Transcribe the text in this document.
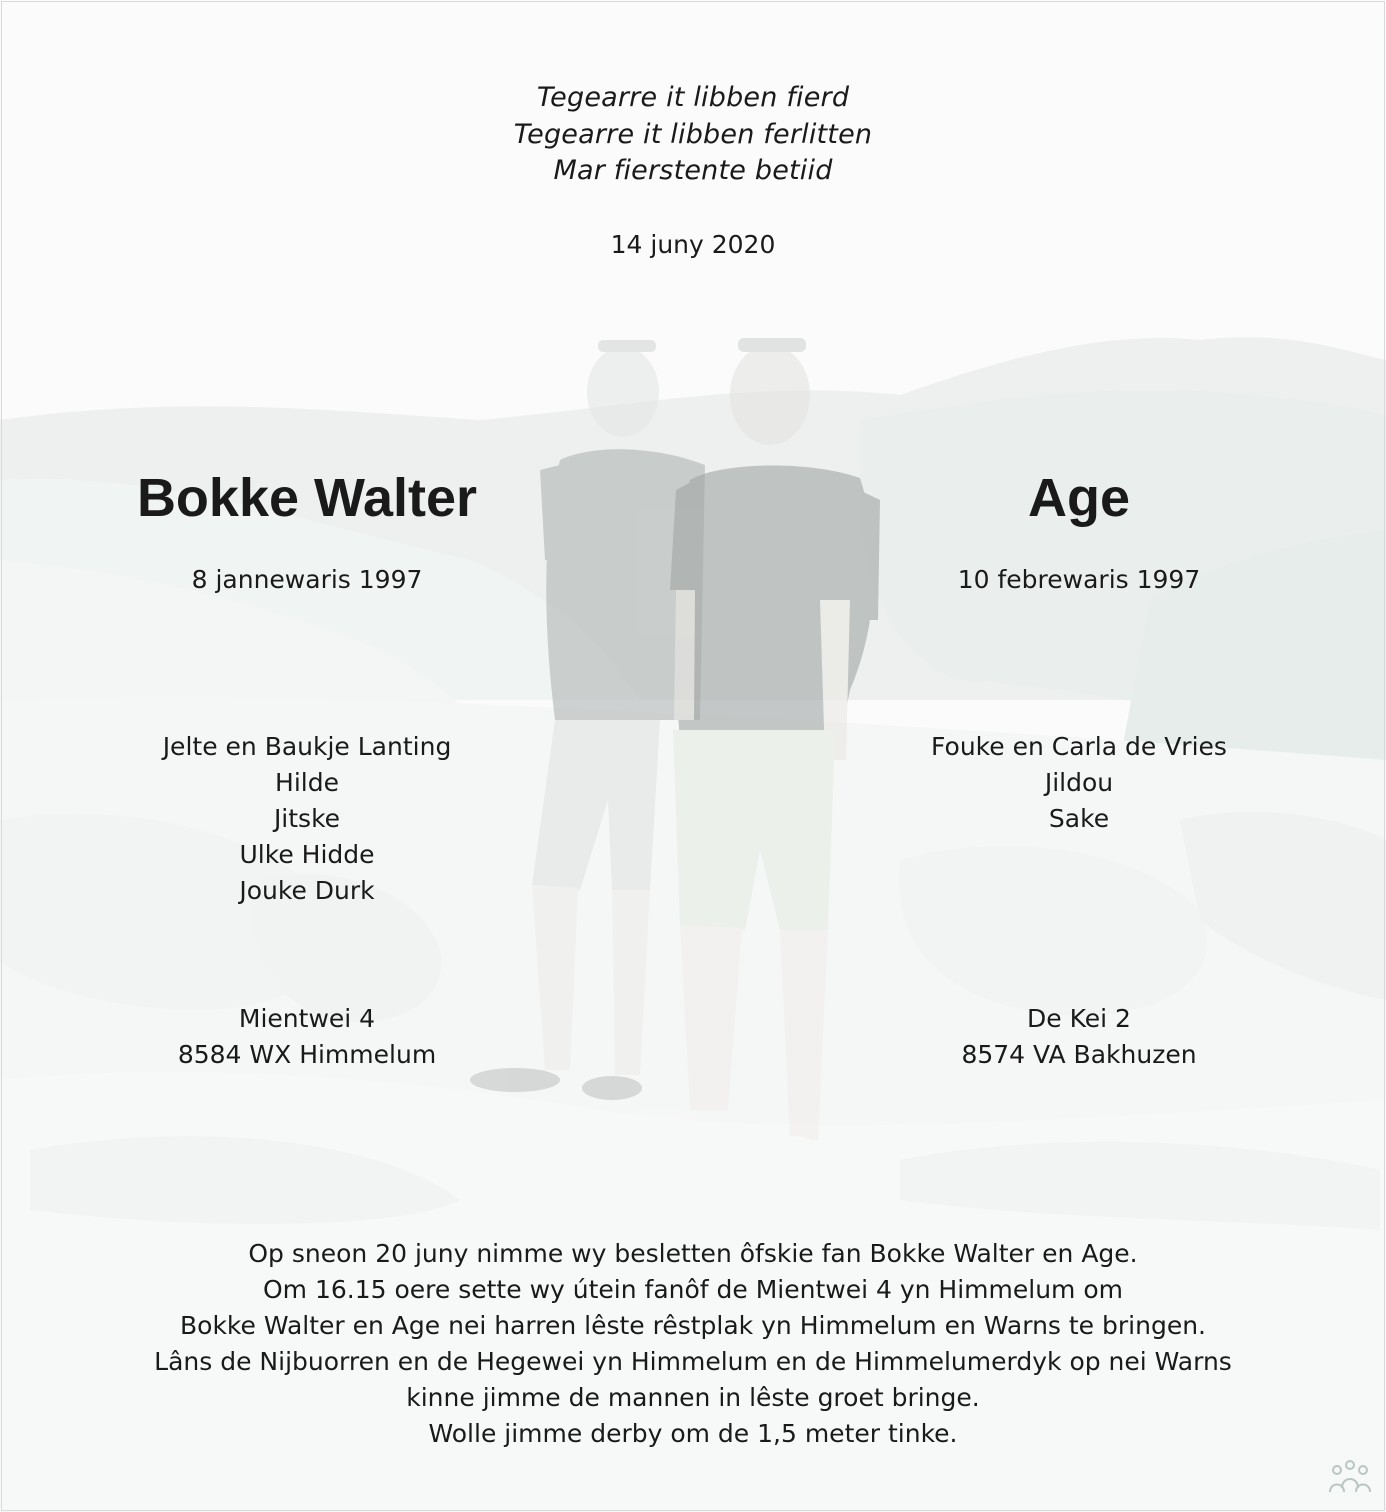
Tegearre it libben fierd
Tegearre it libben ferlitten
Mar fierstente betiid
14 juny 2020
Bokke Walter	Age
8 jannewaris 1997	10 febrewaris 1997
Jelte en Baukje Lanting
Hilde
Jitske
Ulke Hidde
Jouke Durk
Fouke en Carla de Vries
Jildou
Sake
Mientwei 4
8584 WX Himmelum
De Kei 2
8574 VA Bakhuzen
Op sneon 20 juny nimme wy besletten ôfskie fan Bokke Walter en Age.
Om 16.15 oere sette wy útein fanôf de Mientwei 4 yn Himmelum om
Bokke Walter en Age nei harren lêste rêstplak yn Himmelum en Warns te bringen.
Lâns de Nijbuorren en de Hegewei yn Himmelum en de Himmelumerdyk op nei Warns
kinne jimme de mannen in lêste groet bringe.
Wolle jimme derby om de 1,5 meter tinke.
